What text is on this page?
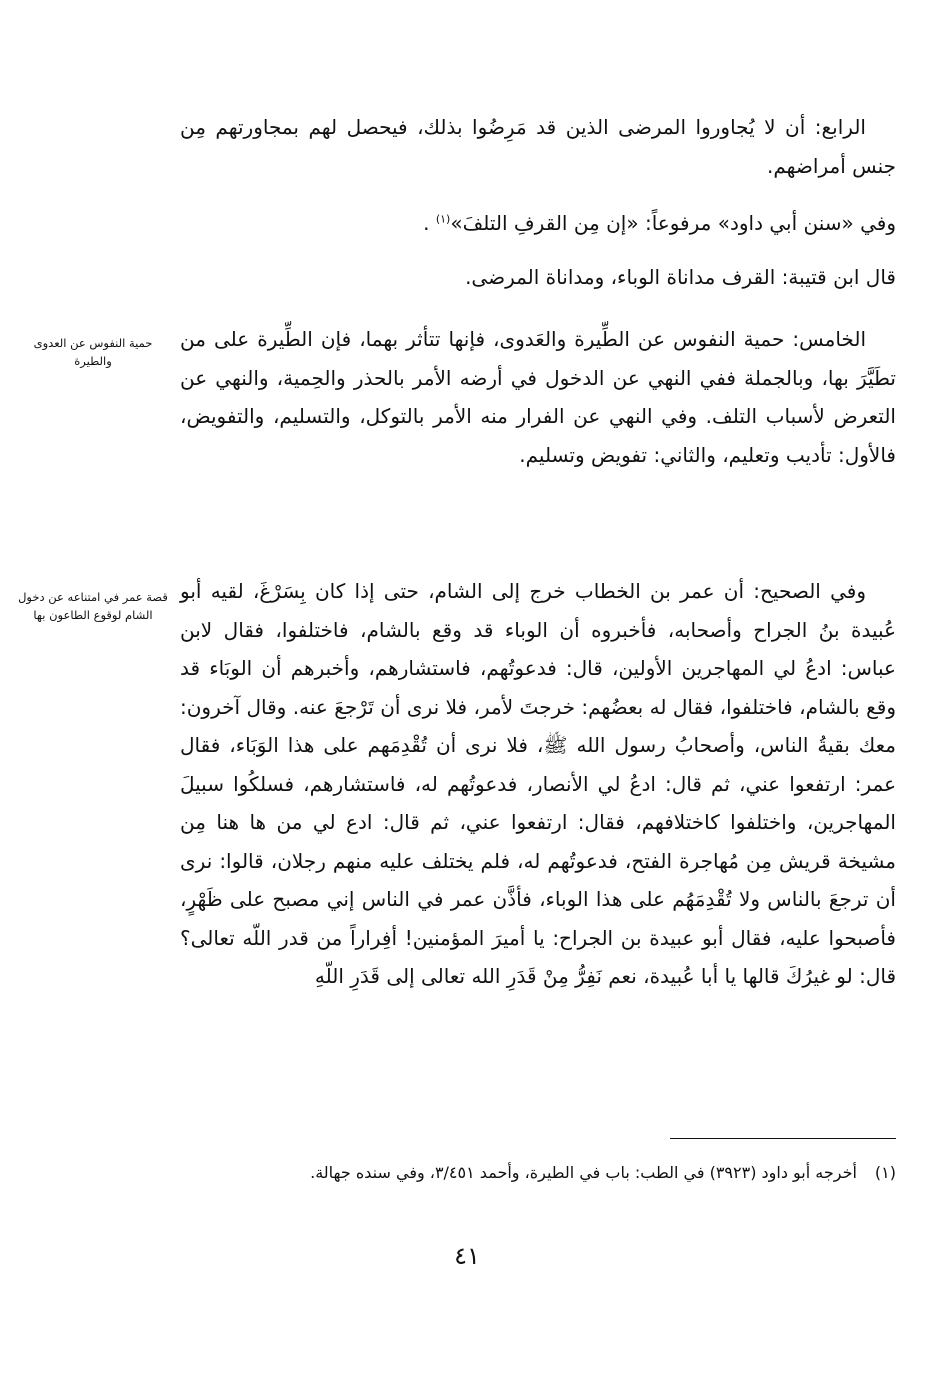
الرابع: أن لا يُجاوروا المرضى الذين قد مَرِضُوا بذلك، فيحصل لهم بمجاورتهم مِن جنس أمراضهم.

وفي «سنن أبي داود» مرفوعاً: «إن مِن القرفِ التلفَ»$^{(١)}$ .

قال ابن قتيبة: القرف مداناة الوباء، ومداناة المرضى.

حمية النفوس عن العدوى والطيرة

الخامس: حمية النفوس عن الطِّيرة والعَدوى، فإنها تتأثر بهما، فإن الطِّيرة على من تطَيَّرَ بها، وبالجملة ففي النهي عن الدخول في أرضه الأمر بالحذر والحِمية، والنهي عن التعرض لأسباب التلف. وفي النهي عن الفرار منه الأمر بالتوكل، والتسليم، والتفويض، فالأول: تأديب وتعليم، والثاني: تفويض وتسليم.

قصة عمر في امتناعه عن دخول الشام لوقوع الطاعون بها

وفي الصحيح: أن عمر بن الخطاب خرج إلى الشام، حتى إذا كان بِسَرْغَ، لقيه أبو عُبيدة بنُ الجراح وأصحابه، فأخبروه أن الوباء قد وقع بالشام، فاختلفوا، فقال لابن عباس: ادعُ لي المهاجرين الأولين، قال: فدعوتُهم، فاستشارهم، وأخبرهم أن الوبَاء قد وقع بالشام، فاختلفوا، فقال له بعضُهم: خرجتَ لأمر، فلا نرى أن تَرْجعَ عنه. وقال آخرون: معك بقيةُ الناس، وأصحابُ رسول الله ﷺ، فلا نرى أن تُقْدِمَهم على هذا الوَبَاء، فقال عمر: ارتفعوا عني، ثم قال: ادعُ لي الأنصار، فدعوتُهم له، فاستشارهم، فسلكُوا سبيلَ المهاجرين، واختلفوا كاختلافهم، فقال: ارتفعوا عني، ثم قال: ادع لي من ها هنا مِن مشيخة قريش مِن مُهاجرة الفتح، فدعوتُهم له، فلم يختلف عليه منهم رجلان، قالوا: نرى أن ترجعَ بالناس ولا تُقْدِمَهُم على هذا الوباء، فأذَّن عمر في الناس إني مصبح على ظَهْرٍ، فأصبحوا عليه، فقال أبو عبيدة بن الجراح: يا أميرَ المؤمنين! أفِراراً من قدر اللّه تعالى؟ قال: لو غيرُكَ قالها يا أبا عُبيدة، نعم نَفِرُّ مِنْ قَدَرِ الله تعالى إلى قَدَرِ اللّهِ

(١)أخرجه أبو داود (٣٩٢٣) في الطب: باب في الطيرة، وأحمد ٣/٤٥١، وفي سنده جهالة.
٤١
